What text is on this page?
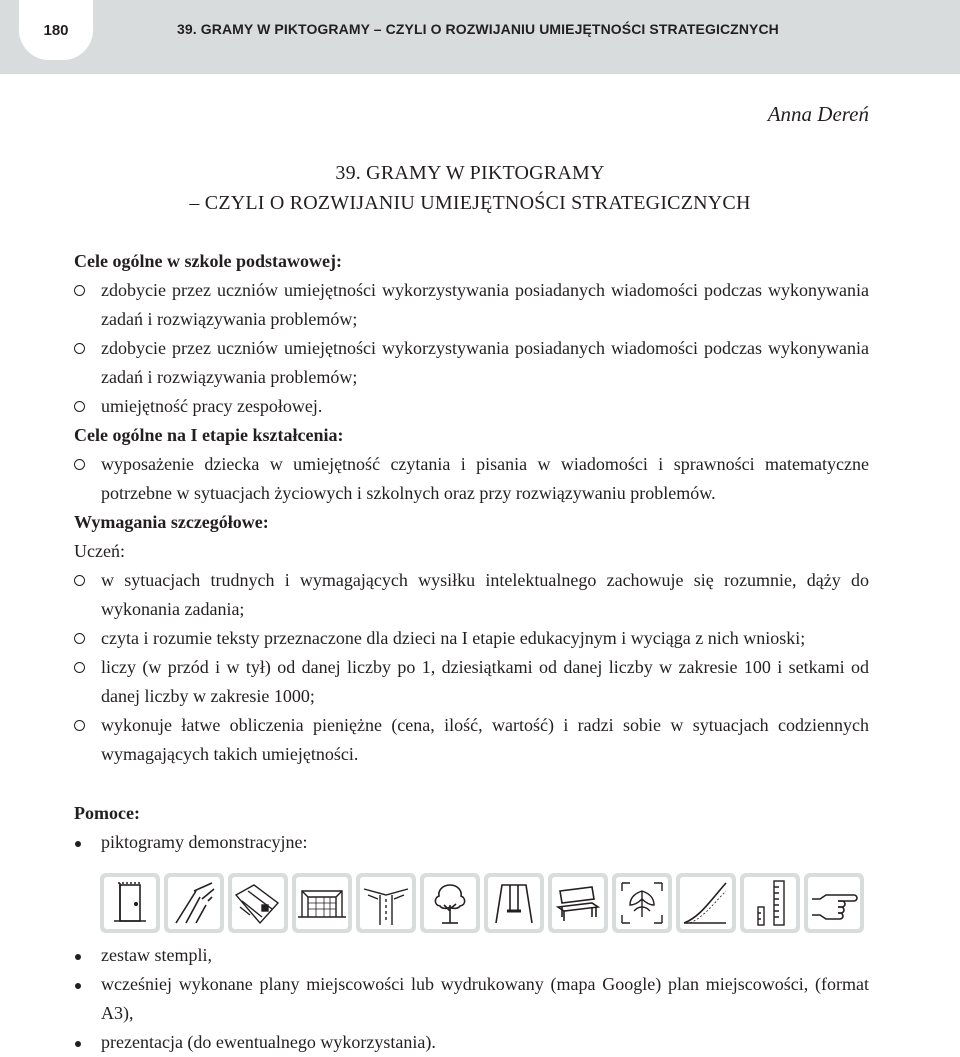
180	39. GRAMY W PIKTOGRAMY – CZYLI O ROZWIJANIU UMIEJĘTNOŚCI STRATEGICZNYCH
Anna Dereń
39. GRAMY W PIKTOGRAMY
– CZYLI O ROZWIJANIU UMIEJĘTNOŚCI STRATEGICZNYCH
Cele ogólne w szkole podstawowej:
zdobycie przez uczniów umiejętności wykorzystywania posiadanych wiadomości podczas wykonywania zadań i rozwiązywania problemów;
zdobycie przez uczniów umiejętności wykorzystywania posiadanych wiadomości podczas wykonywania zadań i rozwiązywania problemów;
umiejętność pracy zespołowej.
Cele ogólne na I etapie kształcenia:
wyposażenie dziecka w umiejętność czytania i pisania w wiadomości i sprawności matematyczne potrzebne w sytuacjach życiowych i szkolnych oraz przy rozwiązywaniu problemów.
Wymagania szczegółowe:
Uczeń:
w sytuacjach trudnych i wymagających wysiłku intelektualnego zachowuje się rozumnie, dąży do wykonania zadania;
czyta i rozumie teksty przeznaczone dla dzieci na I etapie edukacyjnym i wyciąga z nich wnioski;
liczy (w przód i w tył) od danej liczby po 1, dziesiątkami od danej liczby w zakresie 100 i setkami od danej liczby w zakresie 1000;
wykonuje łatwe obliczenia pieniężne (cena, ilość, wartość) i radzi sobie w sytuacjach codziennych wymagających takich umiejętności.
Pomoce:
piktogramy demonstracyjne:
zestaw stempli,
wcześniej wykonane plany miejscowości lub wydrukowany (mapa Google) plan miejscowości, (format A3),
prezentacja (do ewentualnego wykorzystania).
